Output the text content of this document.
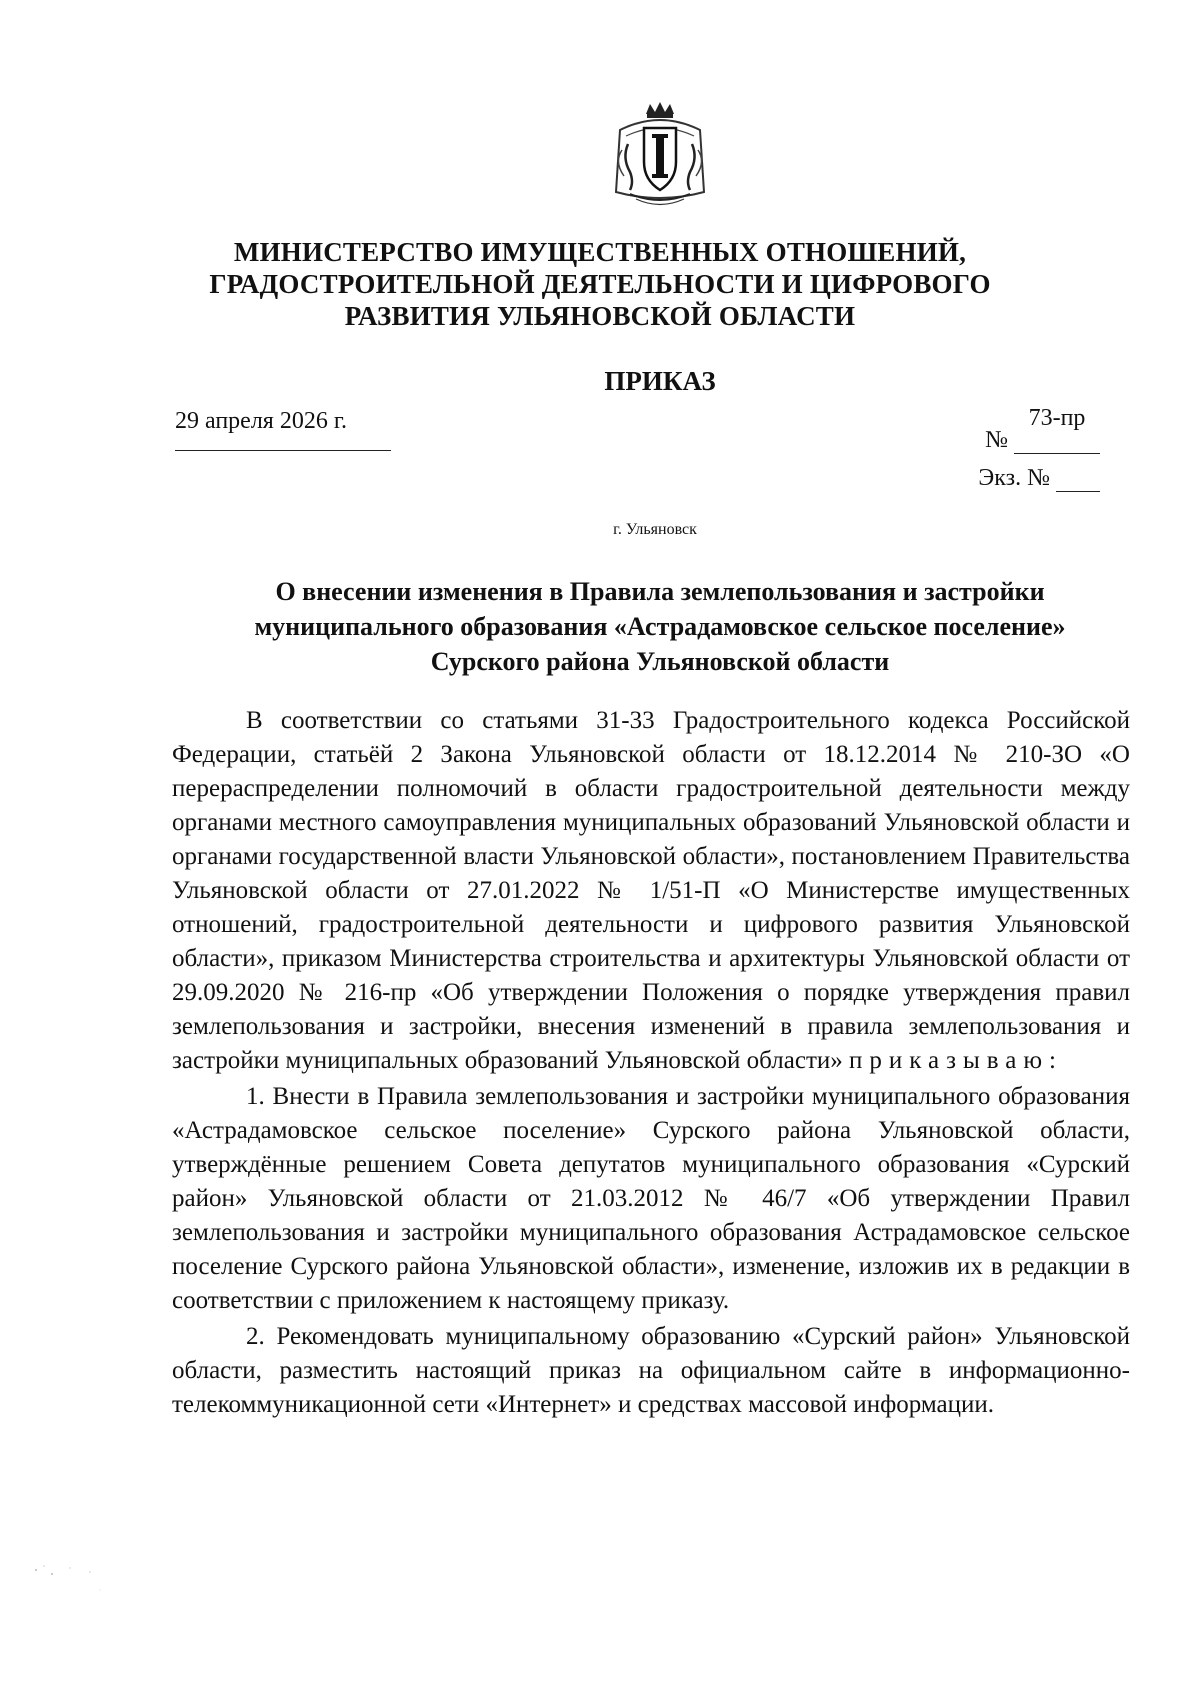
МИНИСТЕРСТВО ИМУЩЕСТВЕННЫХ ОТНОШЕНИЙ,
ГРАДОСТРОИТЕЛЬНОЙ ДЕЯТЕЛЬНОСТИ И ЦИФРОВОГО
РАЗВИТИЯ УЛЬЯНОВСКОЙ ОБЛАСТИ
ПРИКАЗ
29 апреля 2026 г.	73-пр
№
Экз. №
г. Ульяновск
О внесении изменения в Правила землепользования и застройки
муниципального образования «Астрадамовское сельское поселение»
Сурского района Ульяновской области

В соответствии со статьями 31-33 Градостроительного кодекса Российской Федерации, статьёй 2 Закона Ульяновской области от 18.12.2014 № 210-ЗО «О перераспределении полномочий в области градостроительной деятельности между органами местного самоуправления муниципальных образований Ульяновской области и органами государственной власти Ульяновской области», постановлением Правительства Ульяновской области от 27.01.2022 № 1/51-П «О Министерстве имущественных отношений, градостроительной деятельности и цифрового развития Ульяновской области», приказом Министерства строительства и архитектуры Ульяновской области от 29.09.2020 № 216-пр «Об утверждении Положения о порядке утверждения правил землепользования и застройки, внесения изменений в правила землепользования и застройки муниципальных образований Ульяновской области» приказываю:

1. Внести в Правила землепользования и застройки муниципального образования «Астрадамовское сельское поселение» Сурского района Ульяновской области, утверждённые решением Совета депутатов муниципального образования «Сурский район» Ульяновской области от 21.03.2012 № 46/7 «Об утверждении Правил землепользования и застройки муниципального образования Астрадамовское сельское поселение Сурского района Ульяновской области», изменение, изложив их в редакции в соответствии с приложением к настоящему приказу.

2. Рекомендовать муниципальному образованию «Сурский район» Ульяновской области, разместить настоящий приказ на официальном сайте в информационно-телекоммуникационной сети «Интернет» и средствах массовой информации.
